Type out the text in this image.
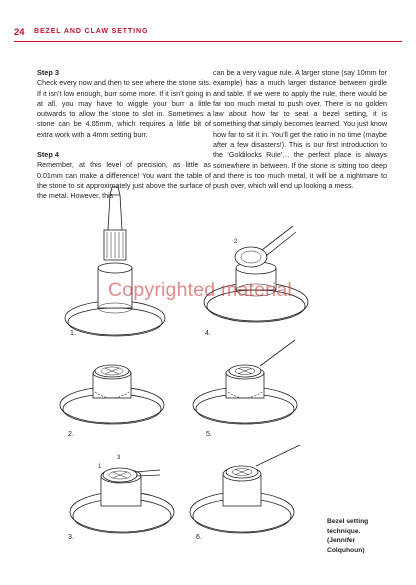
24 BEZEL AND CLAW SETTING

Step 3

Check every now and then to see where the stone sits. If it isn’t low enough, burr some more. If it isn’t going in at all, you may have to wiggle your burr a little outwards to allow the stone to slot in. Sometimes a stone can be 4.05mm, which requires a little bit of extra work with a 4mm setting burr.

Step 4

Remember, at this level of precision, as little as 0.01mm can make a difference! You want the table of the stone to sit approximately just above the surface of the metal. However, this

can be a very vague rule. A larger stone (say 10mm for example) has a much larger distance between girdle and table. If we were to apply the rule, there would be far too much metal to push over. There is no golden law about how far to seat a bezel setting, it is something that simply becomes learned. You just know how far to sit it in. You’ll get the ratio in no time (maybe after a few disasters!). This is our first introduction to the ‘Goldilocks Rule’… the perfect place is always somewhere in between. If the stone is sitting too deep and there is too much metal, it will be a nightmare to push over, which will end up looking a mess.

2
3
1
1.	4.
2.	5.
3.	6.
Copyrighted material
Bezel setting
technique.
(Jennifer
Colquhoun)
